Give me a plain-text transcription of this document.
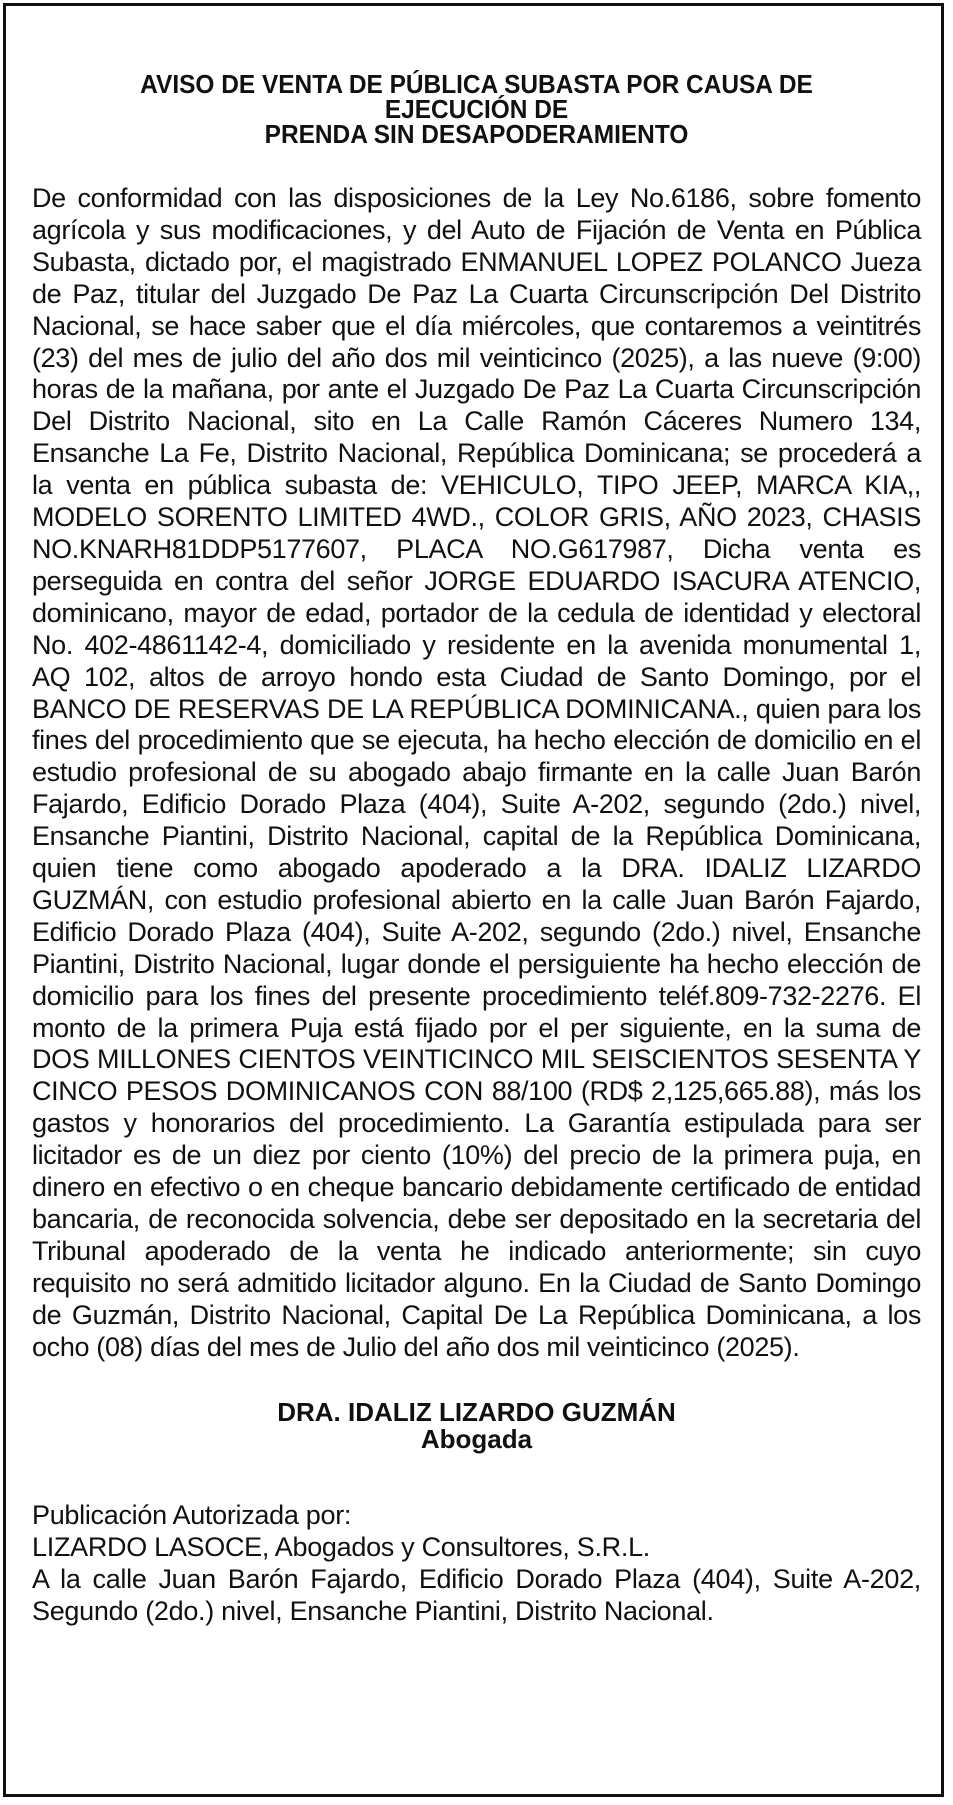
AVISO DE VENTA DE PÚBLICA SUBASTA POR CAUSA DE
EJECUCIÓN DE
PRENDA SIN DESAPODERAMIENTO

De conformidad con las disposiciones de la Ley No.6186, sobre fomento agrícola y sus modificaciones, y del Auto de Fijación de Venta en Pública Subasta, dictado por, el magistrado ENMANUEL LOPEZ POLANCO Jueza de Paz, titular del Juzgado De Paz La Cuarta Circunscripción Del Distrito Nacional, se hace saber que el día miércoles, que contaremos a veintitrés (23) del mes de julio del año dos mil veinticinco (2025), a las nueve (9:00) horas de la mañana, por ante el Juzgado De Paz La Cuarta Circunscripción Del Distrito Nacional, sito en La Calle Ramón Cáceres Numero 134, Ensanche La Fe, Distrito Nacional, República Dominicana; se procederá a la venta en pública subasta de: VEHICULO, TIPO JEEP, MARCA KIA,, MODELO SORENTO LIMITED 4WD., COLOR GRIS, AÑO 2023, CHASIS NO.KNARH81DDP5177607, PLACA NO.G617987, Dicha venta es perseguida en contra del señor JORGE EDUARDO ISACURA ATENCIO, dominicano, mayor de edad, portador de la cedula de identidad y electoral No. 402-4861142-4, domiciliado y residente en la avenida monumental 1, AQ 102, altos de arroyo hondo esta Ciudad de Santo Domingo, por el BANCO DE RESERVAS DE LA REPÚBLICA DOMINICANA., quien para los fines del procedimiento que se ejecuta, ha hecho elección de domicilio en el estudio profesional de su abogado abajo firmante en la calle Juan Barón Fajardo, Edificio Dorado Plaza (404), Suite A-202, segundo (2do.) nivel, Ensanche Piantini, Distrito Nacional, capital de la República Dominicana, quien tiene como abogado apoderado a la DRA. IDALIZ LIZARDO GUZMÁN, con estudio profesional abierto en la calle Juan Barón Fajardo, Edificio Dorado Plaza (404), Suite A-202, segundo (2do.) nivel, Ensanche Piantini, Distrito Nacional, lugar donde el persiguiente ha hecho elección de domicilio para los fines del presente procedimiento teléf.809-732-2276. El monto de la primera Puja está fijado por el per siguiente, en la suma de DOS MILLONES CIENTOS VEINTICINCO MIL SEISCIENTOS SESENTA Y CINCO PESOS DOMINICANOS CON 88/100 (RD$ 2,125,665.88), más los gastos y honorarios del procedimiento. La Garantía estipulada para ser licitador es de un diez por ciento (10%) del precio de la primera puja, en dinero en efectivo o en cheque bancario debidamente certificado de entidad bancaria, de reconocida solvencia, debe ser depositado en la secretaria del Tribunal apoderado de la venta he indicado anteriormente; sin cuyo requisito no será admitido licitador alguno. En la Ciudad de Santo Domingo de Guzmán, Distrito Nacional, Capital De La República Dominicana, a los ocho (08) días del mes de Julio del año dos mil veinticinco (2025).

DRA. IDALIZ LIZARDO GUZMÁN
Abogada
Publicación Autorizada por:
LIZARDO LASOCE, Abogados y Consultores, S.R.L.
A la calle Juan Barón Fajardo, Edificio Dorado Plaza (404), Suite A-202, Segundo (2do.) nivel, Ensanche Piantini, Distrito Nacional.
